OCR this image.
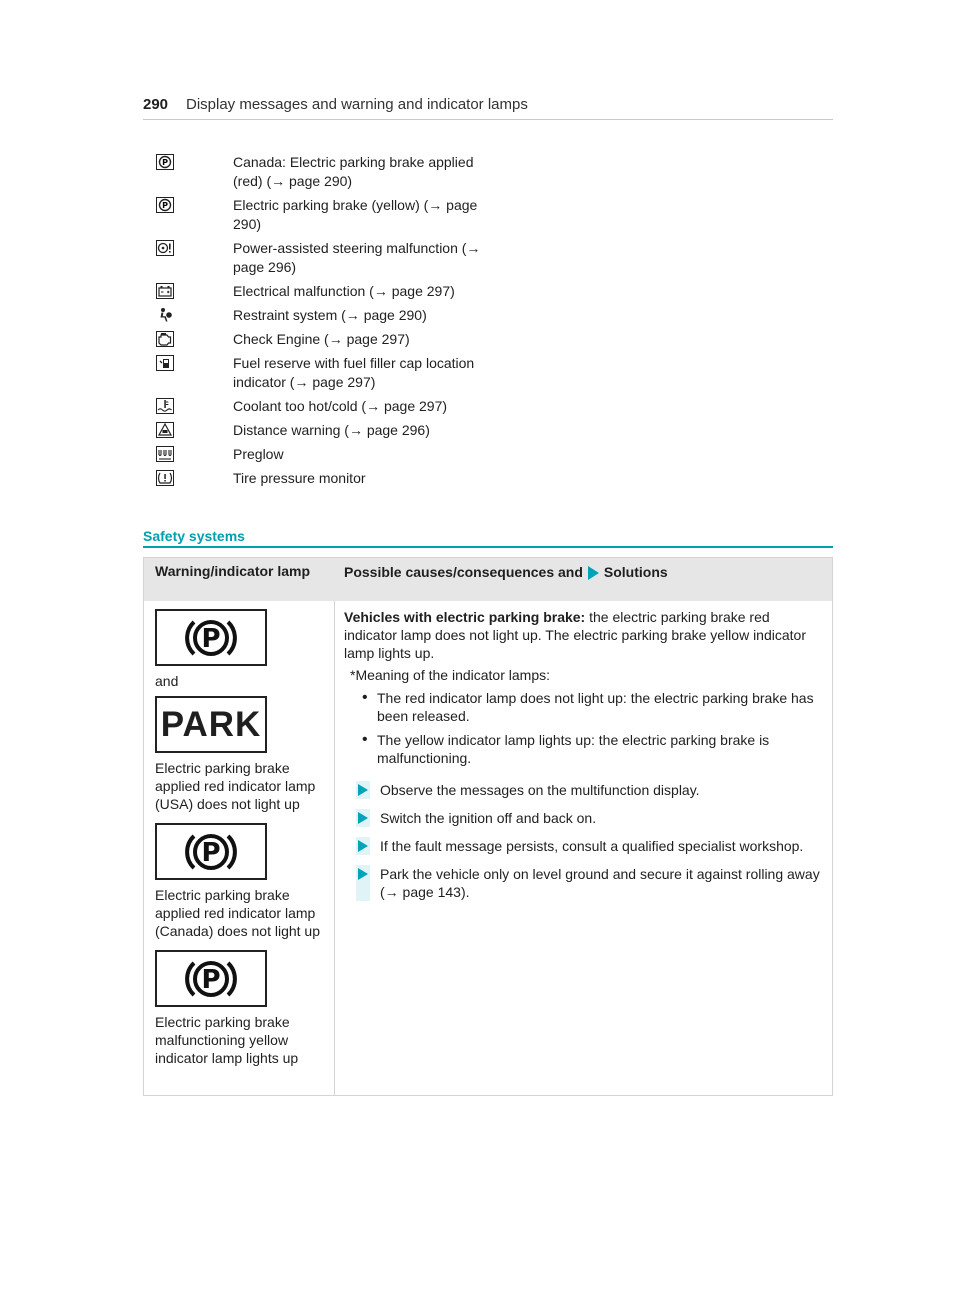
290 Display messages and warning and indicator lamps
P	Canada: Electric parking brake applied (red) (→ page 290)
P	Electric parking brake (yellow) (→ page 290)
Power-assisted steering malfunction (→ page 296)
Electrical malfunction (→ page 297)
Restraint system (→ page 290)
Check Engine (→ page 297)
Fuel reserve with fuel filler cap location indicator (→ page 297)
Coolant too hot/cold (→ page 297)
Distance warning (→ page 296)
Preglow
Tire pressure monitor
Safety systems
Warning/indicator lamp	Possible causes/consequences and Solutions
P

and

PARK

Electric parking brake applied red indicator lamp (USA) does not light up

P

Electric parking brake applied red indicator lamp (Canada) does not light up

P

Electric parking brake malfunctioning yellow indicator lamp lights up

Vehicles with electric parking brake: the electric parking brake red indicator lamp does not light up. The electric parking brake yellow indicator lamp lights up.

*Meaning of the indicator lamps:

• The red indicator lamp does not light up: the electric parking brake has been released.
• The yellow indicator lamp lights up: the electric parking brake is malfunctioning.
Observe the messages on the multifunction display.
Switch the ignition off and back on.
If the fault message persists, consult a qualified specialist workshop.
Park the vehicle only on level ground and secure it against rolling away (→ page 143).
